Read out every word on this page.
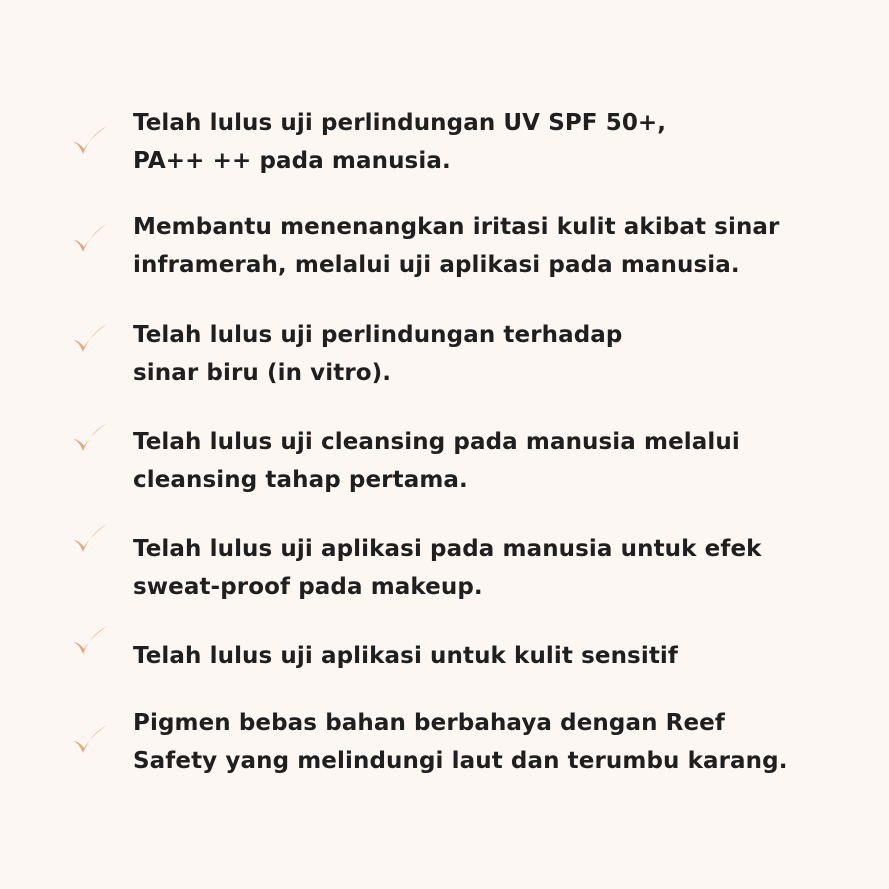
Telah lulus uji perlindungan UV SPF 50+,
PA++ ++ pada manusia.
Membantu menenangkan iritasi kulit akibat sinar
inframerah, melalui uji aplikasi pada manusia.
Telah lulus uji perlindungan terhadap
sinar biru (in vitro).
Telah lulus uji cleansing pada manusia melalui
cleansing tahap pertama.
Telah lulus uji aplikasi pada manusia untuk efek
sweat-proof pada makeup.
Telah lulus uji aplikasi untuk kulit sensitif
Pigmen bebas bahan berbahaya dengan Reef
Safety yang melindungi laut dan terumbu karang.
